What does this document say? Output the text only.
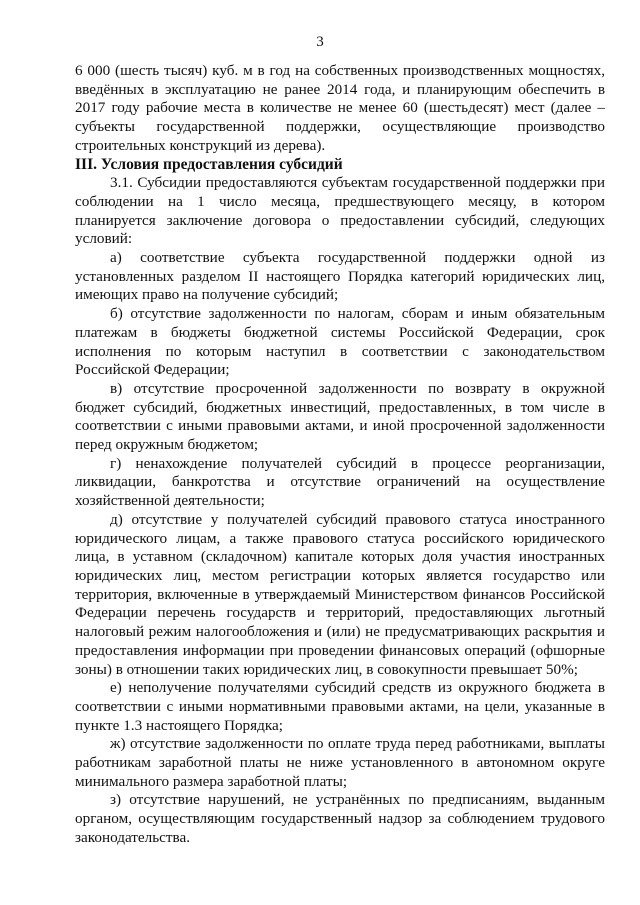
3

6 000 (шесть тысяч) куб. м в год на собственных производственных мощностях, введённых в эксплуатацию не ранее 2014 года, и планирующим обеспечить в 2017 году рабочие места в количестве не менее 60 (шестьдесят) мест (далее – субъекты государственной поддержки, осуществляющие производство строительных конструкций из дерева).

III. Условия предоставления субсидий

3.1. Субсидии предоставляются субъектам государственной поддержки при соблюдении на 1 число месяца, предшествующего месяцу, в котором планируется заключение договора о предоставлении субсидий, следующих условий:

а) соответствие субъекта государственной поддержки одной из установленных разделом II настоящего Порядка категорий юридических лиц, имеющих право на получение субсидий;

б) отсутствие задолженности по налогам, сборам и иным обязательным платежам в бюджеты бюджетной системы Российской Федерации, срок исполнения по которым наступил в соответствии с законодательством Российской Федерации;

в) отсутствие просроченной задолженности по возврату в окружной бюджет субсидий, бюджетных инвестиций, предоставленных, в том числе в соответствии с иными правовыми актами, и иной просроченной задолженности перед окружным бюджетом;

г) ненахождение получателей субсидий в процессе реорганизации, ликвидации, банкротства и отсутствие ограничений на осуществление хозяйственной деятельности;

д) отсутствие у получателей субсидий правового статуса иностранного юридического лицам, а также правового статуса российского юридического лица, в уставном (складочном) капитале которых доля участия иностранных юридических лиц, местом регистрации которых является государство или территория, включенные в утверждаемый Министерством финансов Российской Федерации перечень государств и территорий, предоставляющих льготный налоговый режим налогообложения и (или) не предусматривающих раскрытия и предоставления информации при проведении финансовых операций (офшорные зоны) в отношении таких юридических лиц, в совокупности превышает 50%;

е) неполучение получателями субсидий средств из окружного бюджета в соответствии с иными нормативными правовыми актами, на цели, указанные в пункте 1.3 настоящего Порядка;

ж) отсутствие задолженности по оплате труда перед работниками, выплаты работникам заработной платы не ниже установленного в автономном округе минимального размера заработной платы;

з) отсутствие нарушений, не устранённых по предписаниям, выданным органом, осуществляющим государственный надзор за соблюдением трудового законодательства.
